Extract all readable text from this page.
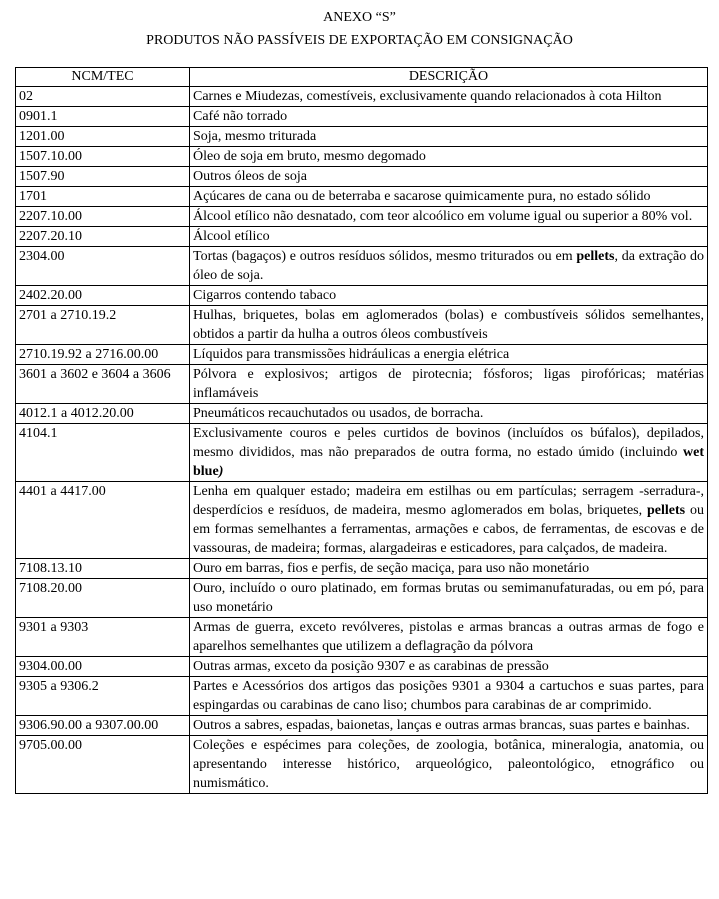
ANEXO “S”
PRODUTOS NÃO PASSÍVEIS DE EXPORTAÇÃO EM CONSIGNAÇÃO
NCM/TEC	DESCRIÇÃO
02	Carnes e Miudezas, comestíveis, exclusivamente quando relacionados à cota Hilton
0901.1	Café não torrado
1201.00	Soja, mesmo triturada
1507.10.00	Óleo de soja em bruto, mesmo degomado
1507.90	Outros óleos de soja
1701	Açúcares de cana ou de beterraba e sacarose quimicamente pura, no estado sólido
2207.10.00	Álcool etílico não desnatado, com teor alcoólico em volume igual ou superior a 80% vol.
2207.20.10	Álcool etílico
2304.00	Tortas (bagaços) e outros resíduos sólidos, mesmo triturados ou em pellets, da extração do óleo de soja.
2402.20.00	Cigarros contendo tabaco
2701 a 2710.19.2	Hulhas, briquetes, bolas em aglomerados (bolas) e combustíveis sólidos semelhantes, obtidos a partir da hulha a outros óleos combustíveis
2710.19.92 a 2716.00.00	Líquidos para transmissões hidráulicas a energia elétrica
3601 a 3602 e 3604 a 3606	Pólvora e explosivos; artigos de pirotecnia; fósforos; ligas pirofóricas; matérias inflamáveis
4012.1 a 4012.20.00	Pneumáticos recauchutados ou usados, de borracha.
4104.1	Exclusivamente couros e peles curtidos de bovinos (incluídos os búfalos), depilados, mesmo divididos, mas não preparados de outra forma, no estado úmido (incluindo wet blue)
4401 a 4417.00	Lenha em qualquer estado; madeira em estilhas ou em partículas; serragem -serradura-, desperdícios e resíduos, de madeira, mesmo aglomerados em bolas, briquetes, pellets ou em formas semelhantes a ferramentas, armações e cabos, de ferramentas, de escovas e de vassouras, de madeira; formas, alargadeiras e esticadores, para calçados, de madeira.
7108.13.10	Ouro em barras, fios e perfis, de seção maciça, para uso não monetário
7108.20.00	Ouro, incluído o ouro platinado, em formas brutas ou semimanufaturadas, ou em pó, para uso monetário
9301 a 9303	Armas de guerra, exceto revólveres, pistolas e armas brancas a outras armas de fogo e aparelhos semelhantes que utilizem a deflagração da pólvora
9304.00.00	Outras armas, exceto da posição 9307 e as carabinas de pressão
9305 a 9306.2	Partes e Acessórios dos artigos das posições 9301 a 9304 a cartuchos e suas partes, para espingardas ou carabinas de cano liso; chumbos para carabinas de ar comprimido.
9306.90.00 a 9307.00.00	Outros a sabres, espadas, baionetas, lanças e outras armas brancas, suas partes e bainhas.
9705.00.00	Coleções e espécimes para coleções, de zoologia, botânica, mineralogia, anatomia, ou apresentando interesse histórico, arqueológico, paleontológico, etnográfico ou numismático.
